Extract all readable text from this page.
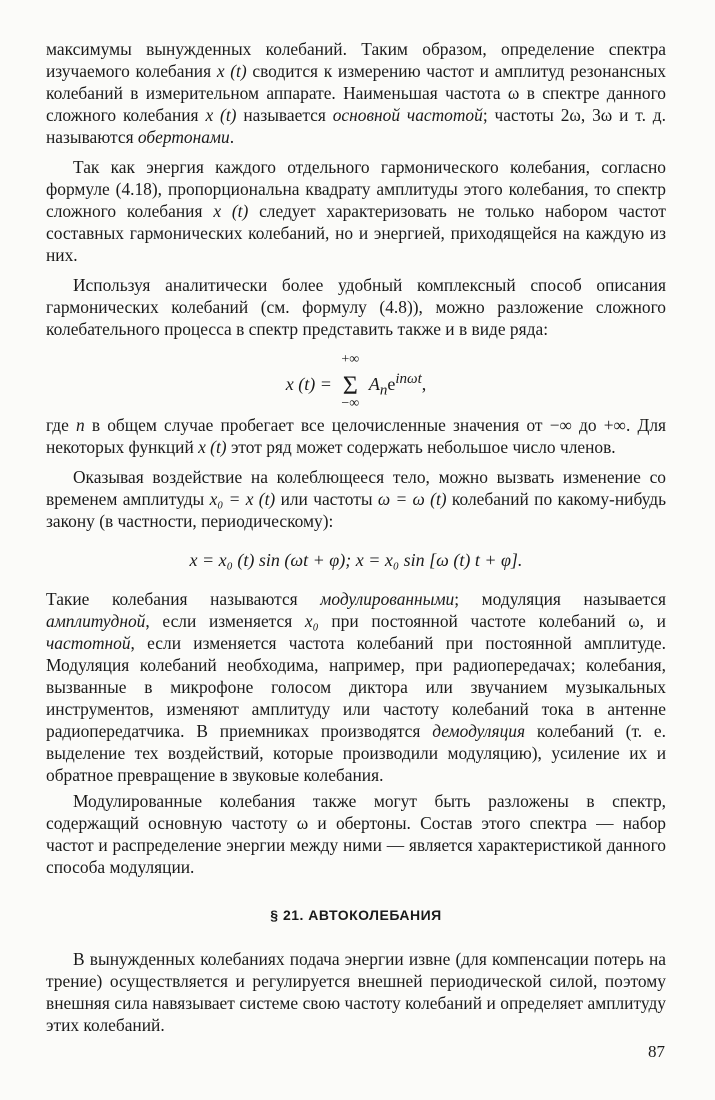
максимумы вынужденных колебаний. Таким образом, определение спектра изучаемого колебания x (t) сводится к измерению частот и амплитуд резонансных колебаний в измерительном аппарате. Наименьшая частота ω в спектре данного сложного колебания x (t) называется основной частотой; частоты 2ω, 3ω и т. д. называются обертонами.

Так как энергия каждого отдельного гармонического колебания, согласно формуле (4.18), пропорциональна квадрату амплитуды этого колебания, то спектр сложного колебания x (t) следует характеризовать не только набором частот составных гармонических колебаний, но и энергией, приходящейся на каждую из них.

Используя аналитически более удобный комплексный способ описания гармонических колебаний (см. формулу (4.8)), можно разложение сложного колебательного процесса в спектр представить также и в виде ряда:

x (t) =
+∞
Σ
−∞
$A_ne^{in\omega t}$,

где n в общем случае пробегает все целочисленные значения от −∞ до +∞. Для некоторых функций x (t) этот ряд может содержать небольшое число членов.

Оказывая воздействие на колеблющееся тело, можно вызвать изменение со временем амплитуды x₀ = x (t) или частоты ω = ω (t) колебаний по какому-нибудь закону (в частности, периодическому):

x = x₀ (t) sin (ωt + φ); x = x₀ sin [ω (t) t + φ].

Такие колебания называются модулированными; модуляция называется амплитудной, если изменяется x₀ при постоянной частоте колебаний ω, и частотной, если изменяется частота колебаний при постоянной амплитуде. Модуляция колебаний необходима, например, при радиопередачах; колебания, вызванные в микрофоне голосом диктора или звучанием музыкальных инструментов, изменяют амплитуду или частоту колебаний тока в антенне радиопередатчика. В приемниках производятся демодуляция колебаний (т. е. выделение тех воздействий, которые производили модуляцию), усиление их и обратное превращение в звуковые колебания.

Модулированные колебания также могут быть разложены в спектр, содержащий основную частоту ω и обертоны. Состав этого спектра — набор частот и распределение энергии между ними — является характеристикой данного способа модуляции.

§ 21. АВТОКОЛЕБАНИЯ

В вынужденных колебаниях подача энергии извне (для компенсации потерь на трение) осуществляется и регулируется внешней периодической силой, поэтому внешняя сила навязывает системе свою частоту колебаний и определяет амплитуду этих колебаний.

87
